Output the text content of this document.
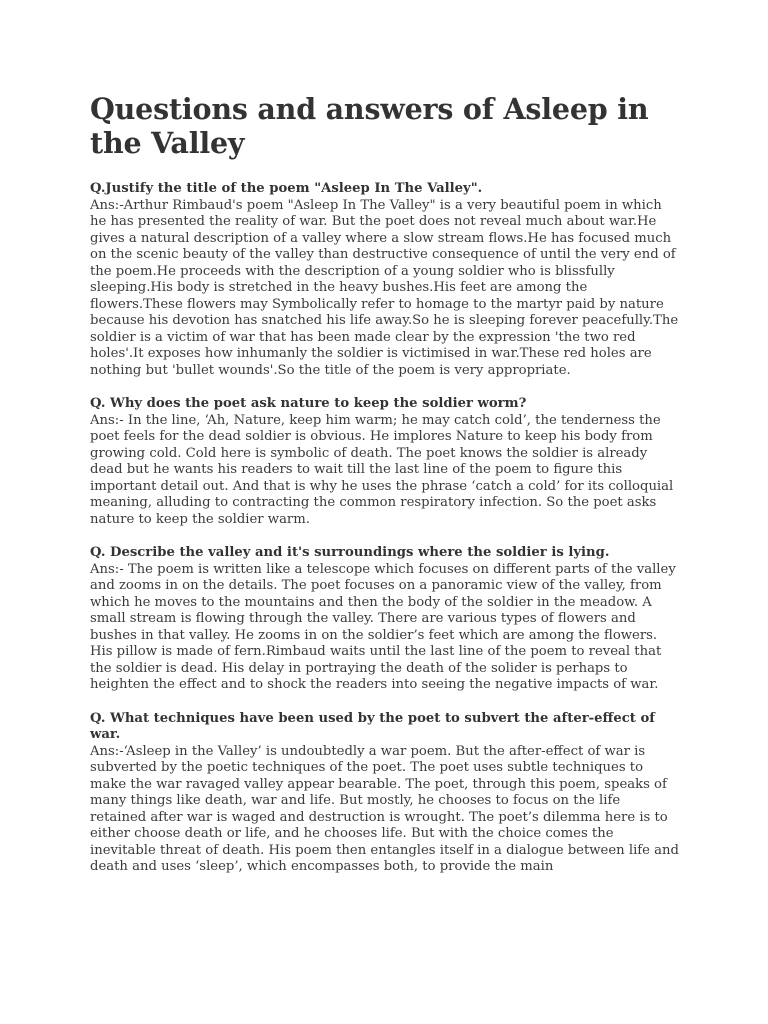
Questions and answers of Asleep in the Valley

Q.Justify the title of the poem "Asleep In The Valley".

Ans:-Arthur Rimbaud's poem "Asleep In The Valley" is a very beautiful poem in which he has presented the reality of war. But the poet does not reveal much about war.He gives a natural description of a valley where a slow stream flows.He has focused much on the scenic beauty of the valley than destructive consequence of until the very end of the poem.He proceeds with the description of a young soldier who is blissfully sleeping.His body is stretched in the heavy bushes.His feet are among the flowers.These flowers may Symbolically refer to homage to the martyr paid by nature because his devotion has snatched his life away.So he is sleeping forever peacefully.The soldier is a victim of war that has been made clear by the expression 'the two red holes'.It exposes how inhumanly the soldier is victimised in war.These red holes are nothing but 'bullet wounds'.So the title of the poem is very appropriate.

Q. Why does the poet ask nature to keep the soldier worm?

Ans:- In the line, ‘Ah, Nature, keep him warm; he may catch cold’, the tenderness the poet feels for the dead soldier is obvious. He implores Nature to keep his body from growing cold. Cold here is symbolic of death. The poet knows the soldier is already dead but he wants his readers to wait till the last line of the poem to figure this important detail out. And that is why he uses the phrase ‘catch a cold’ for its colloquial meaning, alluding to contracting the common respiratory infection. So the poet asks nature to keep the soldier warm.

Q. Describe the valley and it's surroundings where the soldier is lying.

Ans:- The poem is written like a telescope which focuses on different parts of the valley and zooms in on the details. The poet focuses on a panoramic view of the valley, from which he moves to the mountains and then the body of the soldier in the meadow. A small stream is flowing through the valley. There are various types of flowers and bushes in that valley. He zooms in on the soldier’s feet which are among the flowers. His pillow is made of fern.Rimbaud waits until the last line of the poem to reveal that the soldier is dead. His delay in portraying the death of the solider is perhaps to heighten the effect and to shock the readers into seeing the negative impacts of war.

Q. What techniques have been used by the poet to subvert the after-effect of war.

Ans:-‘Asleep in the Valley’ is undoubtedly a war poem. But the after-effect of war is subverted by the poetic techniques of the poet. The poet uses subtle techniques to make the war ravaged valley appear bearable. The poet, through this poem, speaks of many things like death, war and life. But mostly, he chooses to focus on the life retained after war is waged and destruction is wrought. The poet’s dilemma here is to either choose death or life, and he chooses life. But with the choice comes the inevitable threat of death. His poem then entangles itself in a dialogue between life and death and uses ‘sleep’, which encompasses both, to provide the main
